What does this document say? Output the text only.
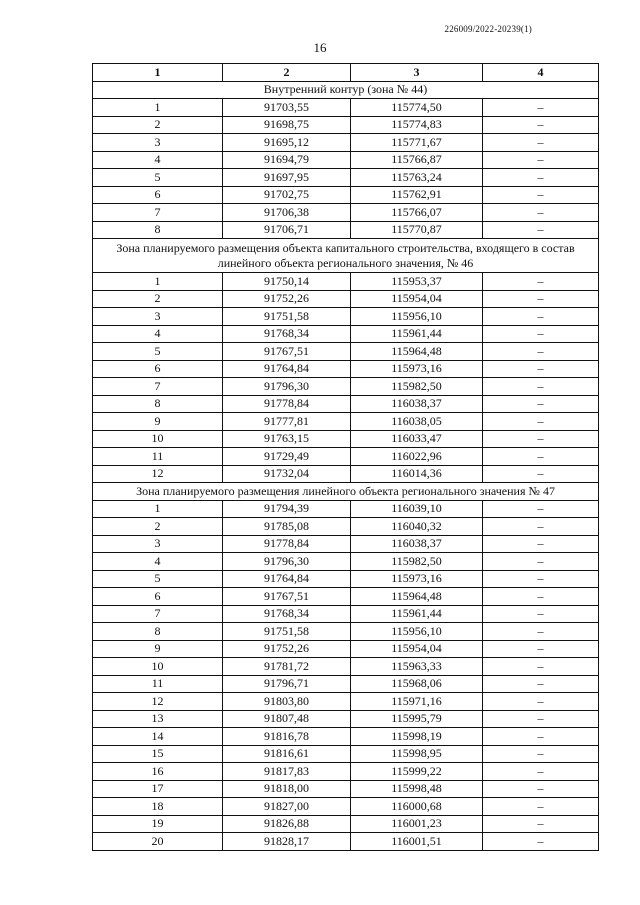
226009/2022-20239(1)
16
1	2	3	4
Внутренний контур (зона № 44)			
1	91703,55	115774,50	–
2	91698,75	115774,83	–
3	91695,12	115771,67	–
4	91694,79	115766,87	–
5	91697,95	115763,24	–
6	91702,75	115762,91	–
7	91706,38	115766,07	–
8	91706,71	115770,87	–
Зона планируемого размещения объекта капитального строительства, входящего в состав линейного объекта регионального значения, № 46			
1	91750,14	115953,37	–
2	91752,26	115954,04	–
3	91751,58	115956,10	–
4	91768,34	115961,44	–
5	91767,51	115964,48	–
6	91764,84	115973,16	–
7	91796,30	115982,50	–
8	91778,84	116038,37	–
9	91777,81	116038,05	–
10	91763,15	116033,47	–
11	91729,49	116022,96	–
12	91732,04	116014,36	–
Зона планируемого размещения линейного объекта регионального значения № 47			
1	91794,39	116039,10	–
2	91785,08	116040,32	–
3	91778,84	116038,37	–
4	91796,30	115982,50	–
5	91764,84	115973,16	–
6	91767,51	115964,48	–
7	91768,34	115961,44	–
8	91751,58	115956,10	–
9	91752,26	115954,04	–
10	91781,72	115963,33	–
11	91796,71	115968,06	–
12	91803,80	115971,16	–
13	91807,48	115995,79	–
14	91816,78	115998,19	–
15	91816,61	115998,95	–
16	91817,83	115999,22	–
17	91818,00	115998,48	–
18	91827,00	116000,68	–
19	91826,88	116001,23	–
20	91828,17	116001,51	–
